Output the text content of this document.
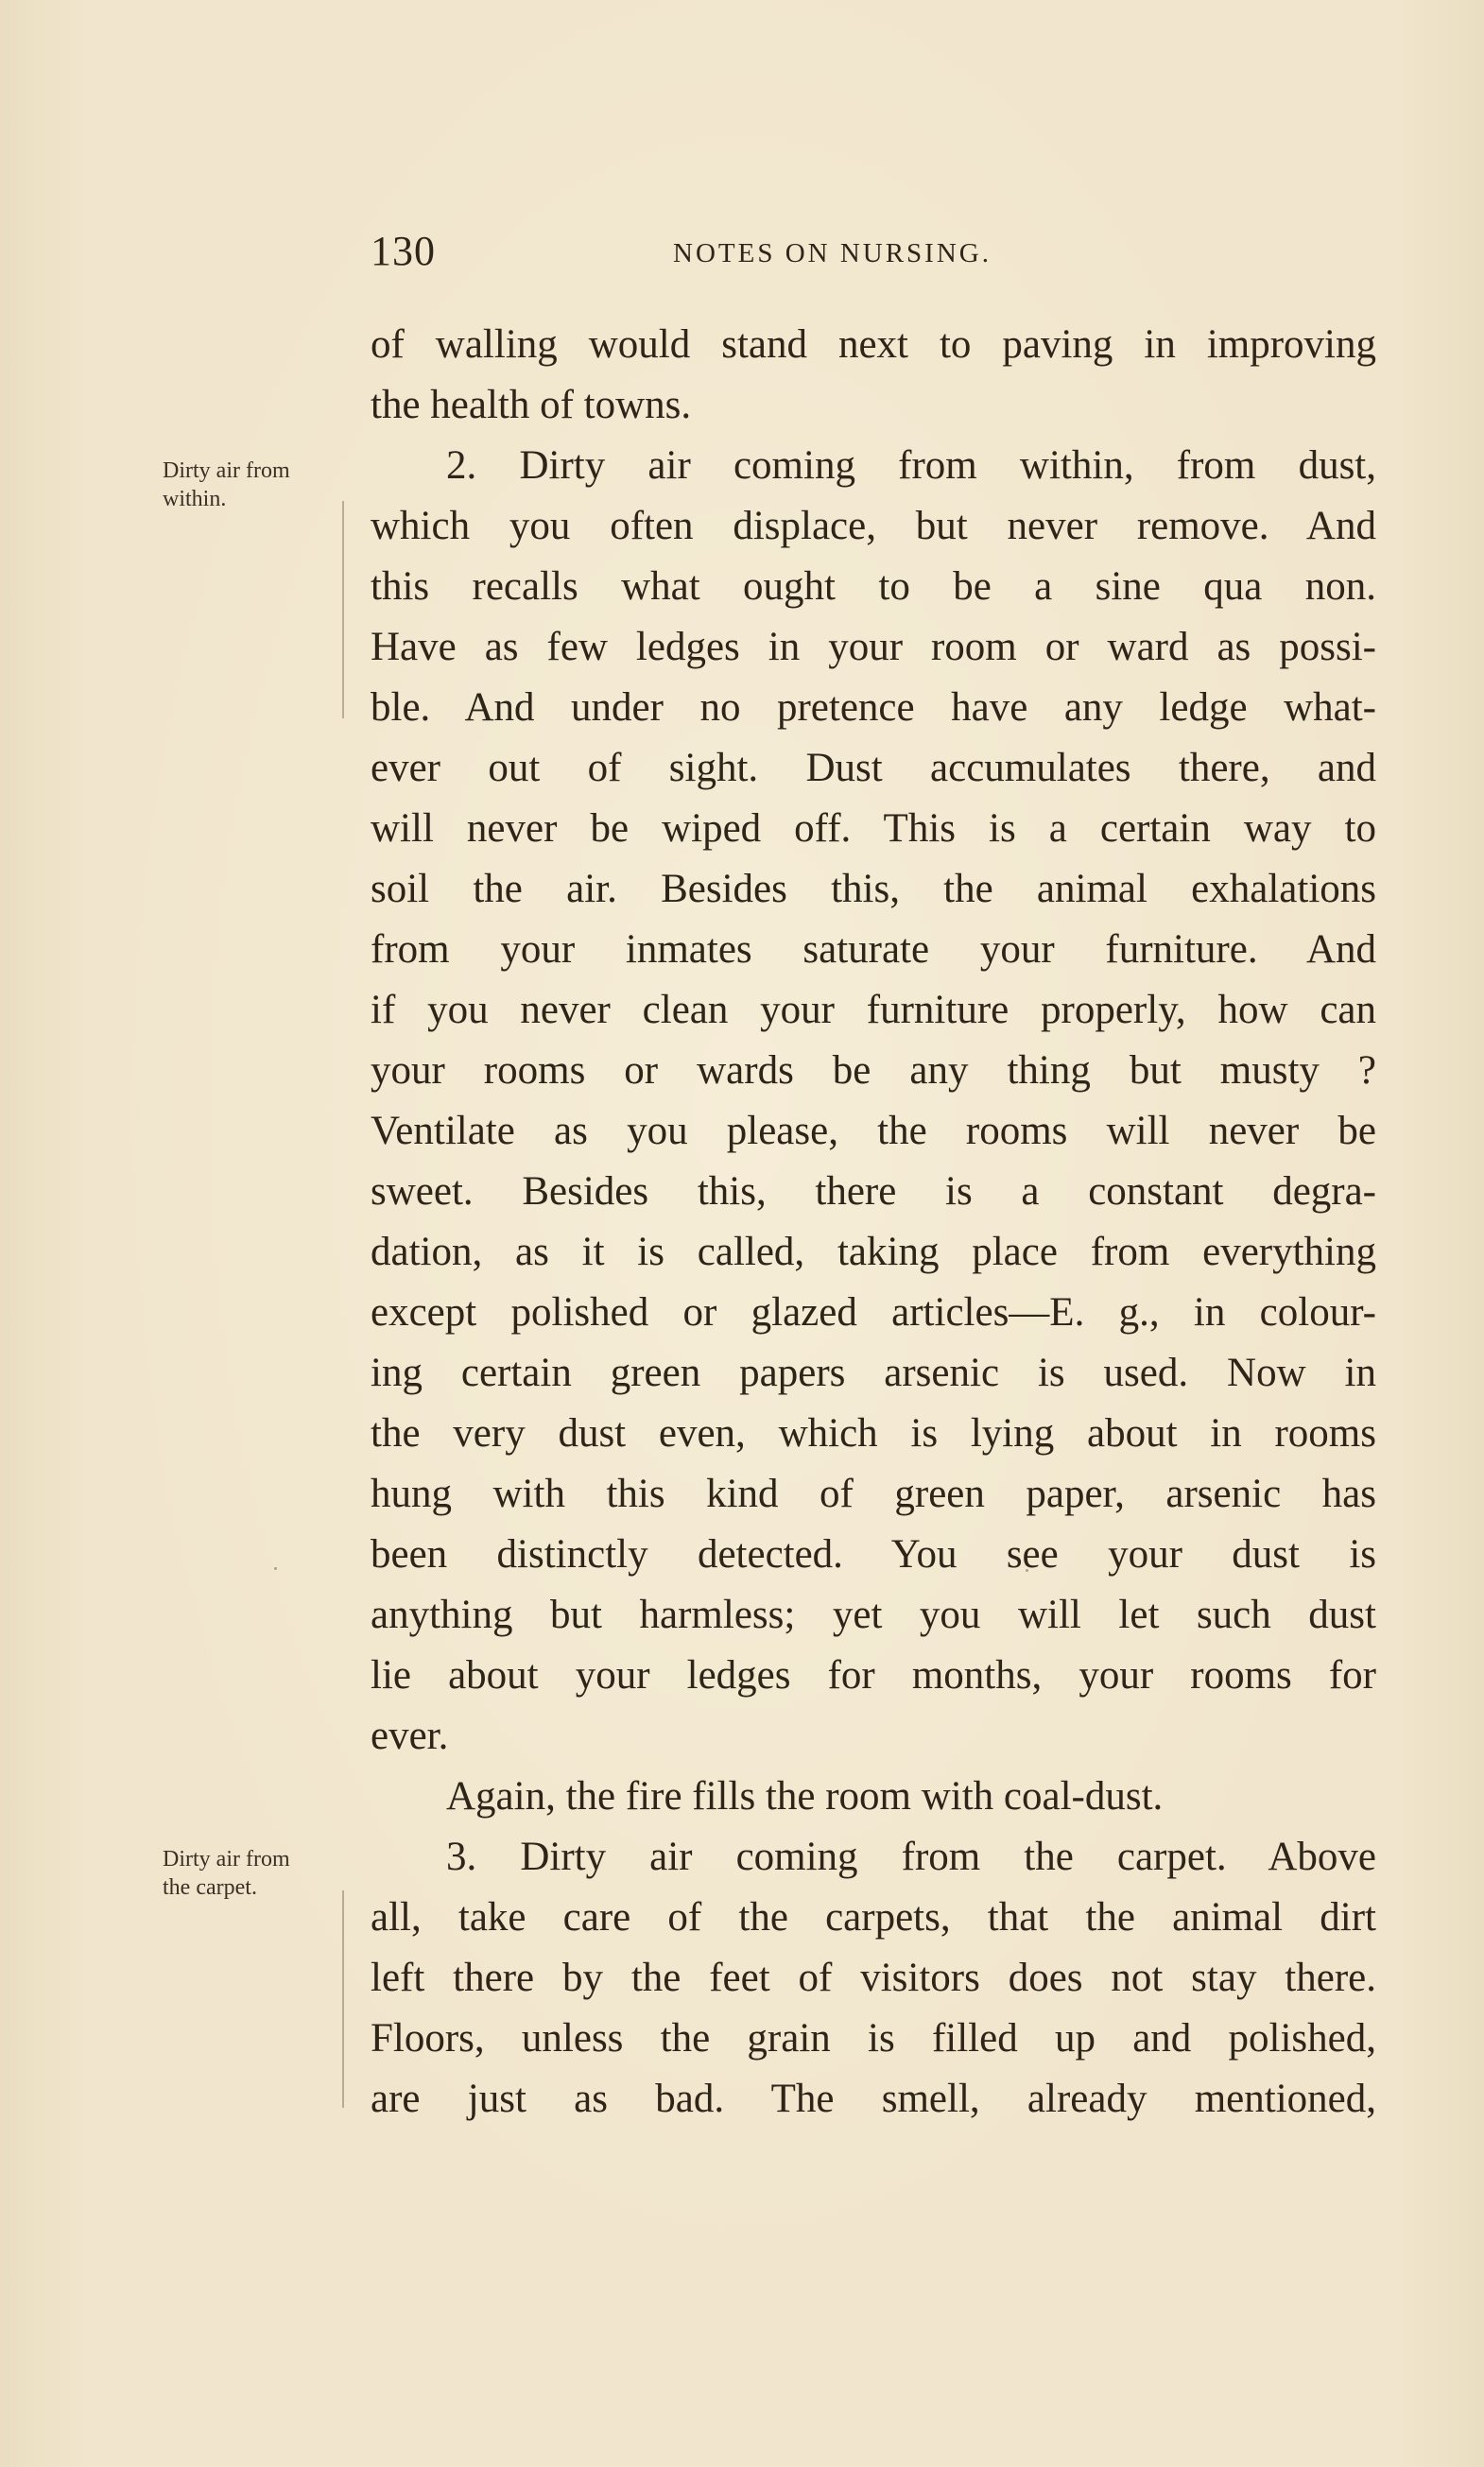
130	NOTES ON NURSING.
Dirty air from
within.
Dirty air from
the carpet.
of walling would stand next to paving in improving
the health of towns.
2. Dirty air coming from within, from dust,
which you often displace, but never remove. And
this recalls what ought to be a sine qua non.
Have as few ledges in your room or ward as possi-
ble. And under no pretence have any ledge what-
ever out of sight. Dust accumulates there, and
will never be wiped off. This is a certain way to
soil the air. Besides this, the animal exhalations
from your inmates saturate your furniture. And
if you never clean your furniture properly, how can
your rooms or wards be any thing but musty ?
Ventilate as you please, the rooms will never be
sweet. Besides this, there is a constant degra-
dation, as it is called, taking place from everything
except polished or glazed articles—E. g., in colour-
ing certain green papers arsenic is used. Now in
the very dust even, which is lying about in rooms
hung with this kind of green paper, arsenic has
been distinctly detected. You see your dust is
anything but harmless; yet you will let such dust
lie about your ledges for months, your rooms for
ever.
Again, the fire fills the room with coal-dust.
3. Dirty air coming from the carpet. Above
all, take care of the carpets, that the animal dirt
left there by the feet of visitors does not stay there.
Floors, unless the grain is filled up and polished,
are just as bad. The smell, already mentioned,
